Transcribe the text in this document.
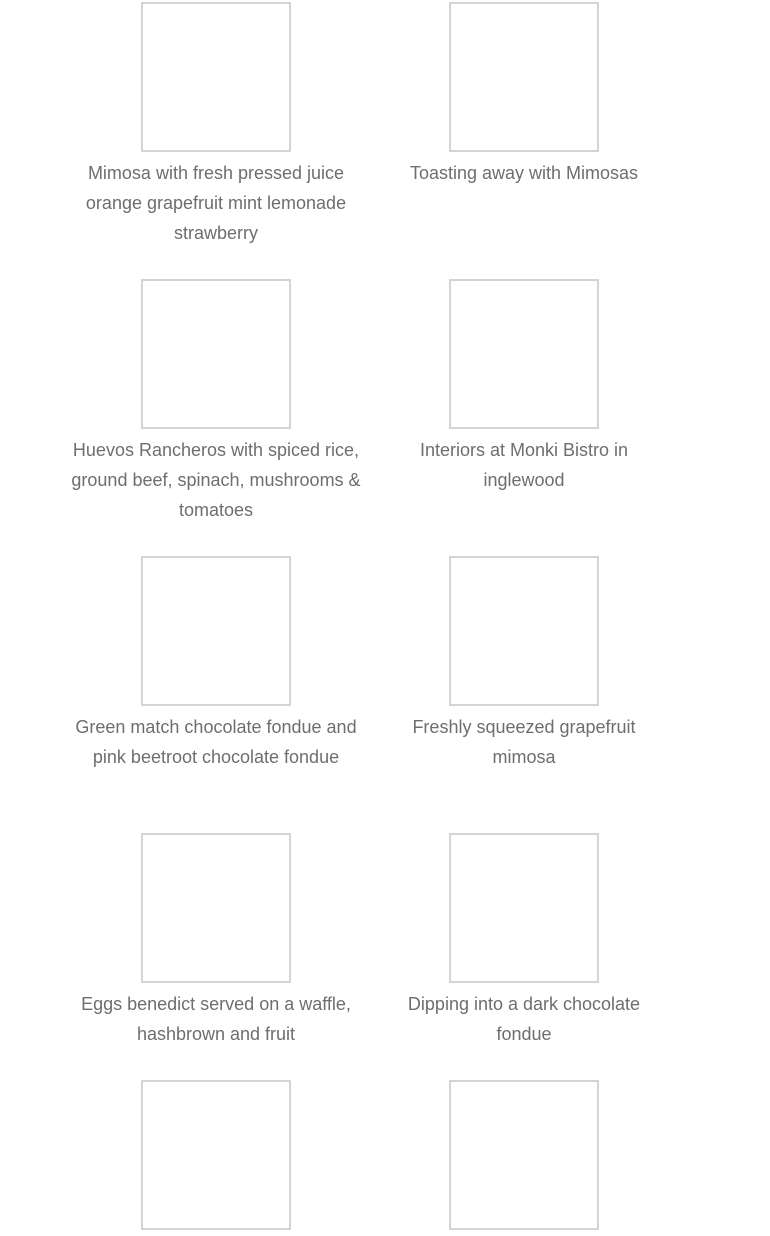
Mimosa with fresh pressed juice orange grapefruit mint lemonade strawberry
Toasting away with Mimosas
Huevos Rancheros with spiced rice, ground beef, spinach, mushrooms & tomatoes
Interiors at Monki Bistro in inglewood
Green match chocolate fondue and pink beetroot chocolate fondue
Freshly squeezed grapefruit mimosa
Eggs benedict served on a waffle, hashbrown and fruit
Dipping into a dark chocolate fondue
